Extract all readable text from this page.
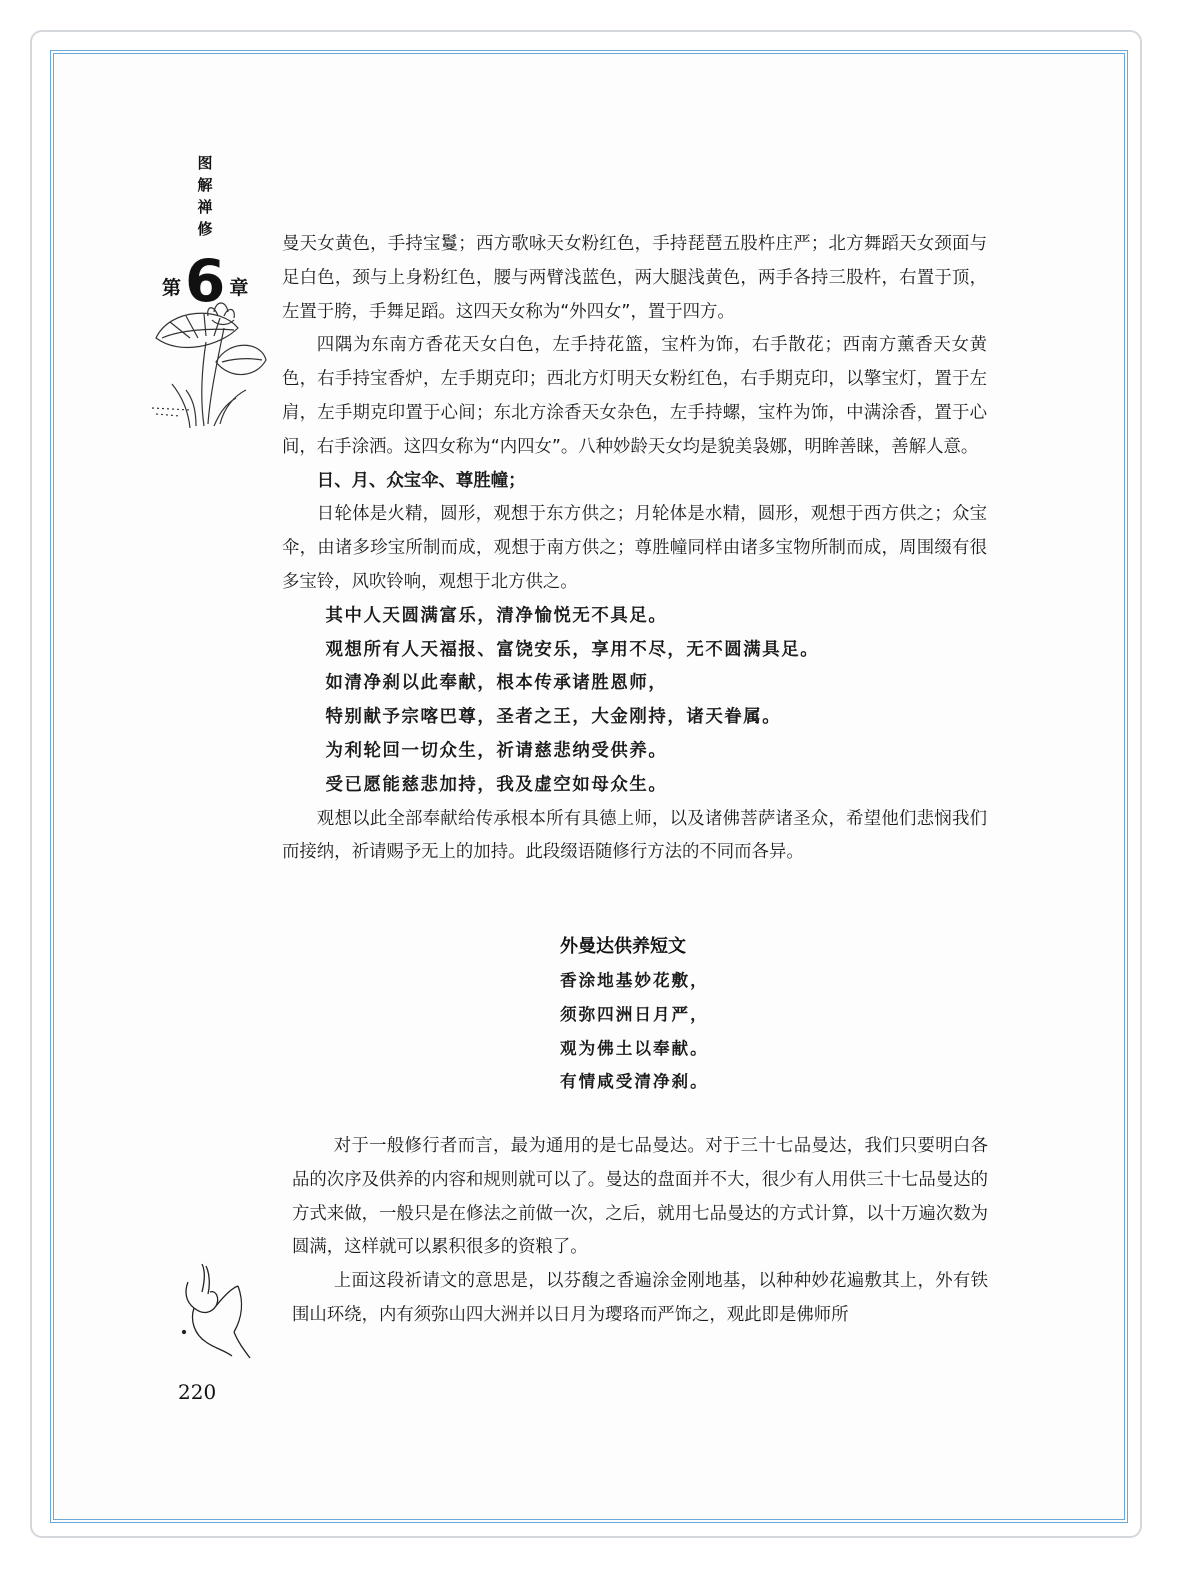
图
解
禅
修
第 6 章
220

曼天女黄色，手持宝鬘；西方歌咏天女粉红色，手持琵琶五股杵庄严；北方舞蹈天女颈面与足白色，颈与上身粉红色，腰与两臂浅蓝色，两大腿浅黄色，两手各持三股杵，右置于顶，左置于胯，手舞足蹈。这四天女称为“外四女”，置于四方。

四隅为东南方香花天女白色，左手持花篮，宝杵为饰，右手散花；西南方薰香天女黄色，右手持宝香炉，左手期克印；西北方灯明天女粉红色，右手期克印，以擎宝灯，置于左肩，左手期克印置于心间；东北方涂香天女杂色，左手持螺，宝杵为饰，中满涂香，置于心间，右手涂洒。这四女称为“内四女”。八种妙龄天女均是貌美袅娜，明眸善睐，善解人意。

日、月、众宝伞、尊胜幢；

日轮体是火精，圆形，观想于东方供之；月轮体是水精，圆形，观想于西方供之；众宝伞，由诸多珍宝所制而成，观想于南方供之；尊胜幢同样由诸多宝物所制而成，周围缀有很多宝铃，风吹铃响，观想于北方供之。

其中人天圆满富乐，清净愉悦无不具足。

观想所有人天福报、富饶安乐，享用不尽，无不圆满具足。

如清净刹以此奉献，根本传承诸胜恩师，

特别献予宗喀巴尊，圣者之王，大金刚持，诸天眷属。

为利轮回一切众生，祈请慈悲纳受供养。

受已愿能慈悲加持，我及虚空如母众生。

观想以此全部奉献给传承根本所有具德上师，以及诸佛菩萨诸圣众，希望他们悲悯我们而接纳，祈请赐予无上的加持。此段缀语随修行方法的不同而各异。

外曼达供养短文
香涂地基妙花敷，
须弥四洲日月严，
观为佛土以奉献。
有情咸受清净刹。

对于一般修行者而言，最为通用的是七品曼达。对于三十七品曼达，我们只要明白各品的次序及供养的内容和规则就可以了。曼达的盘面并不大，很少有人用供三十七品曼达的方式来做，一般只是在修法之前做一次，之后，就用七品曼达的方式计算，以十万遍次数为圆满，这样就可以累积很多的资粮了。

上面这段祈请文的意思是，以芬馥之香遍涂金刚地基，以种种妙花遍敷其上，外有铁围山环绕，内有须弥山四大洲并以日月为璎珞而严饰之，观此即是佛师所
